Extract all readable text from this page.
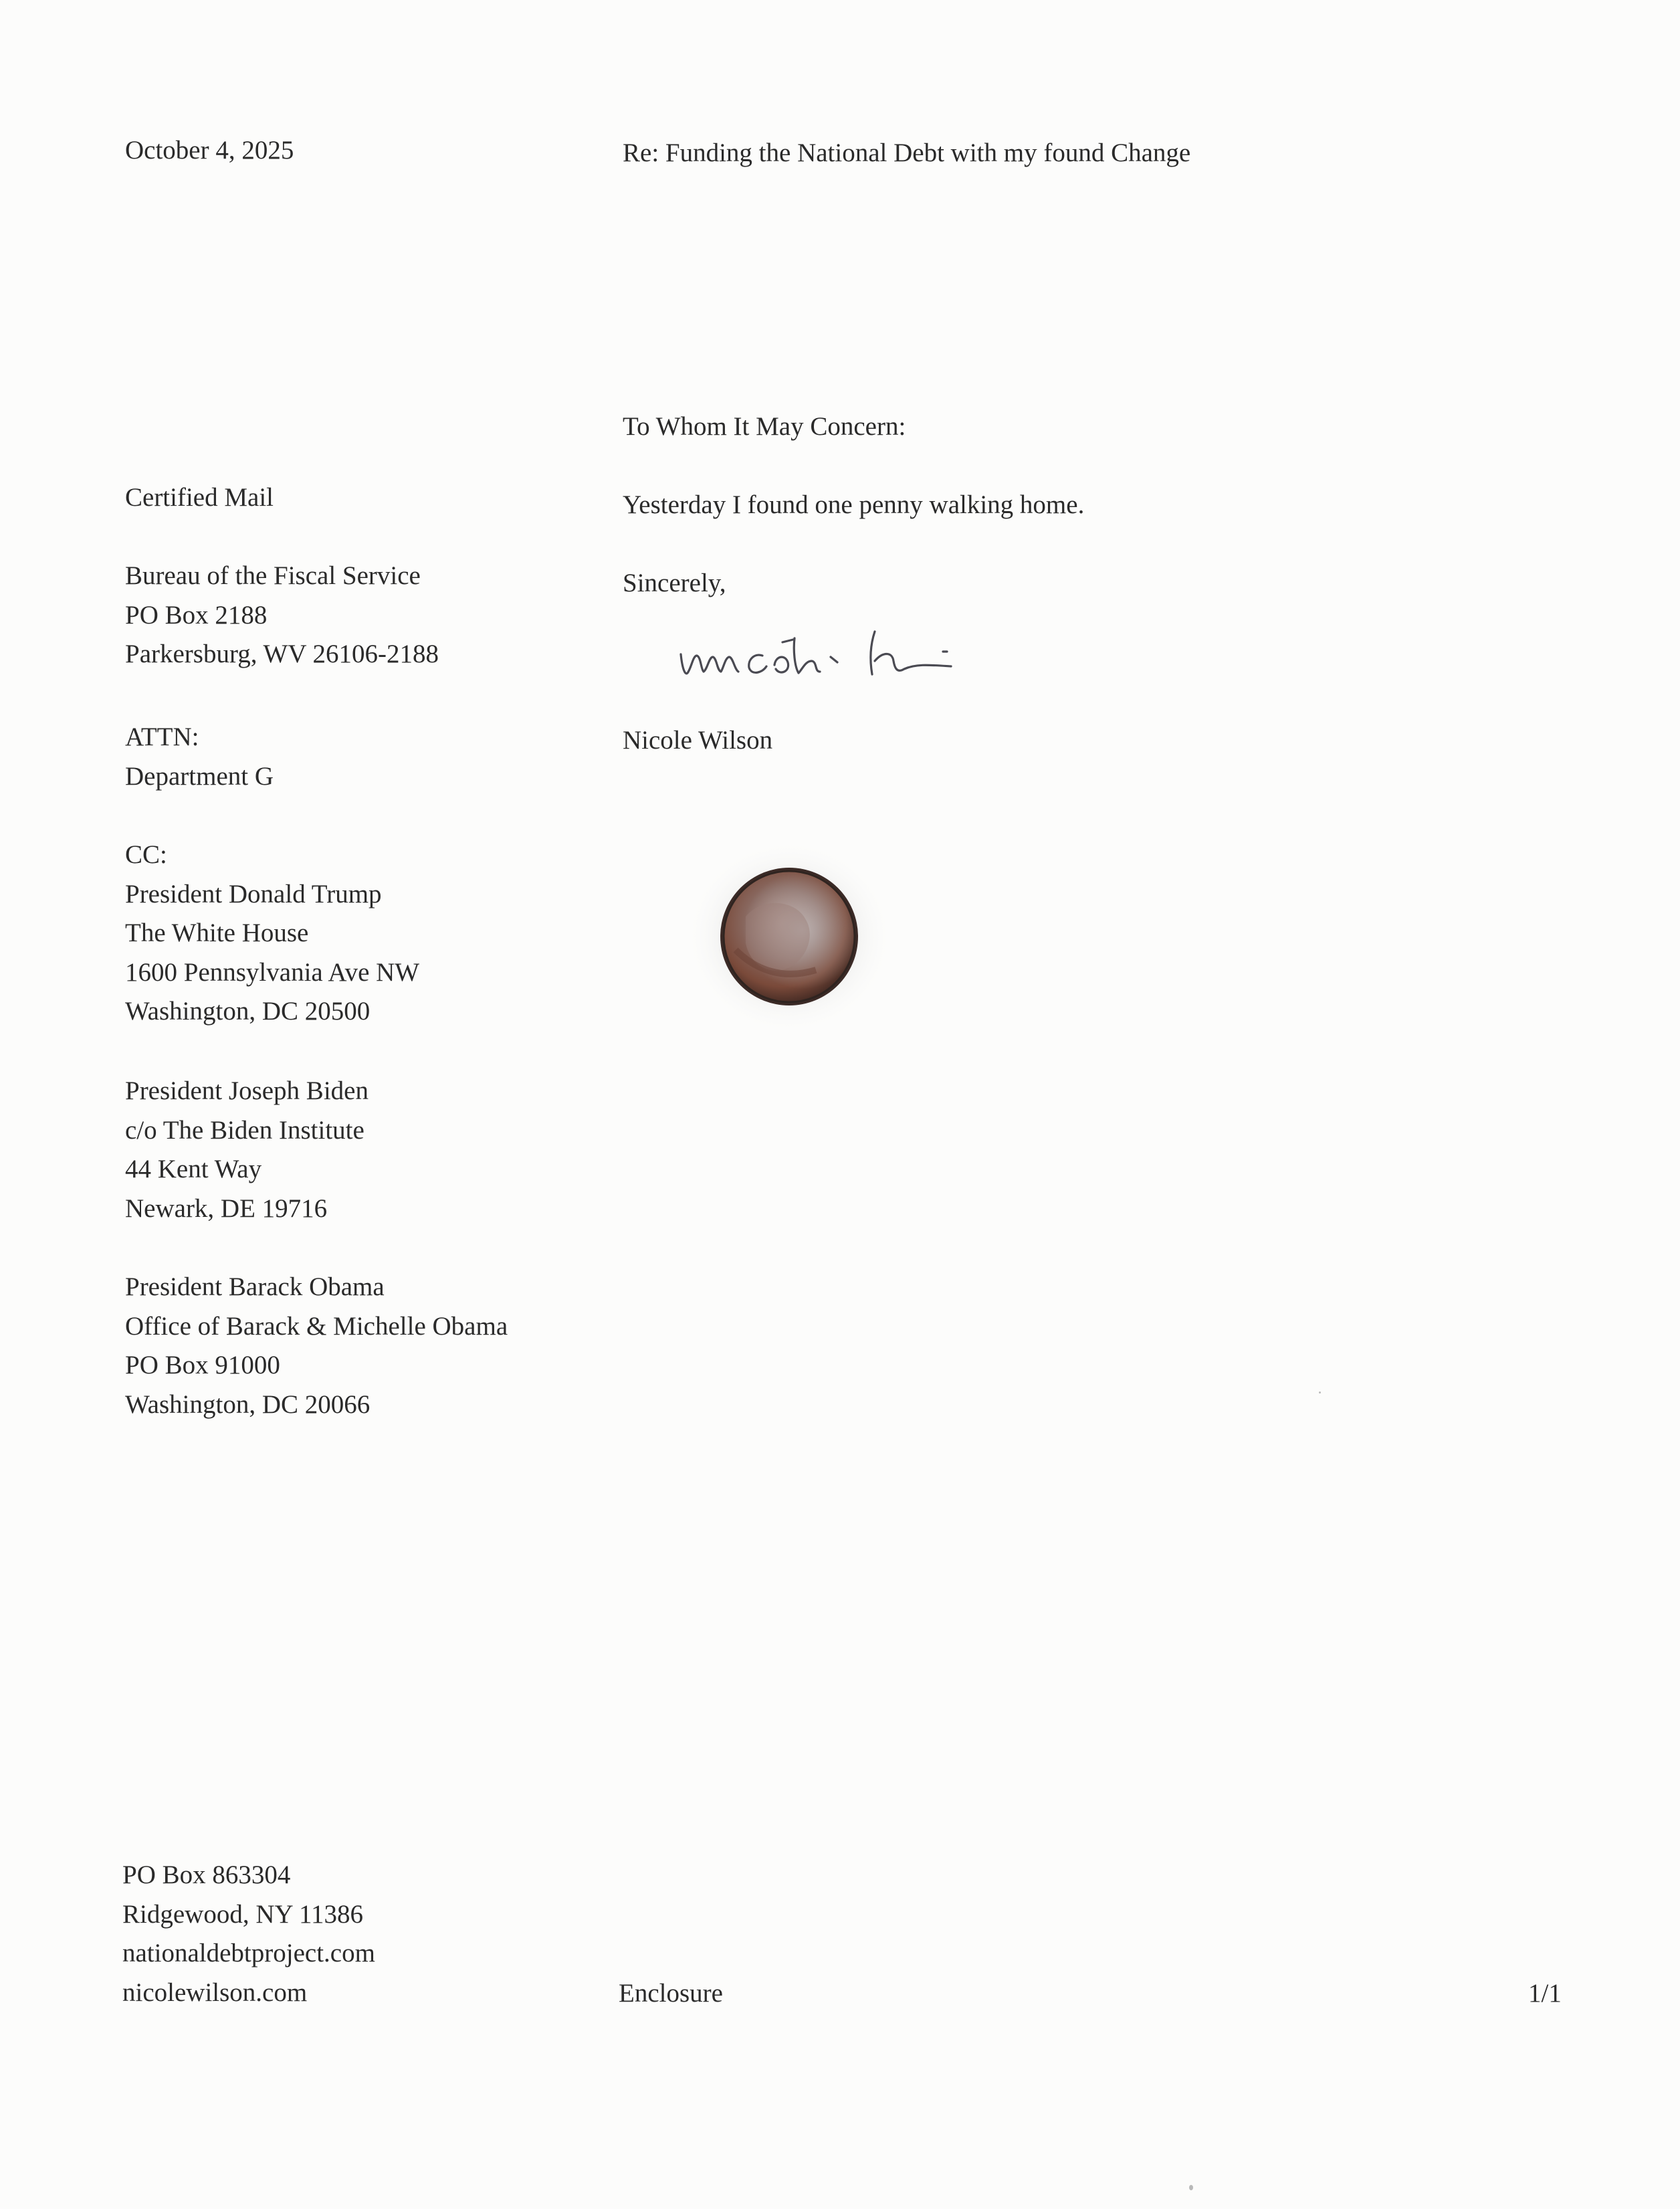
October 4, 2025	Re: Funding the National Debt with my found Change

To Whom It May Concern:

Yesterday I found one penny walking home.

Sincerely,

Nicole Wilson

Certified Mail

Bureau of the Fiscal Service
PO Box 2188
Parkersburg, WV 26106-2188
ATTN:
Department G
CC:
President Donald Trump
The White House
1600 Pennsylvania Ave NW
Washington, DC 20500
President Joseph Biden
c/o The Biden Institute
44 Kent Way
Newark, DE 19716
President Barack Obama
Office of Barack & Michelle Obama
PO Box 91000
Washington, DC 20066
PO Box 863304
Ridgewood, NY 11386
nationaldebtproject.com
nicolewilson.com	Enclosure	1/1
